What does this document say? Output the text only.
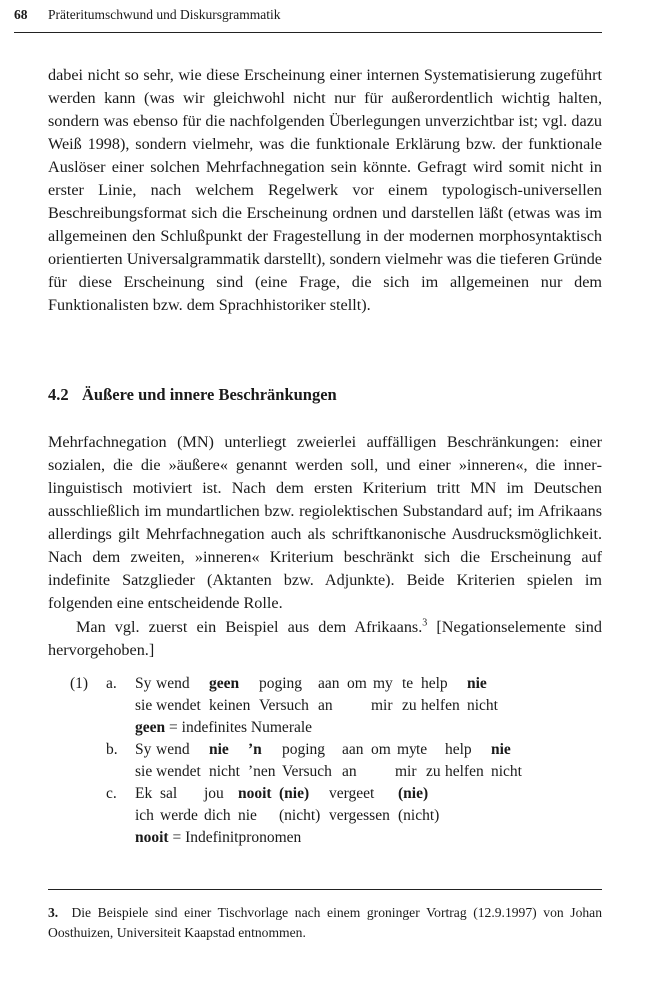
68 Präteritumschwund und Diskursgrammatik

dabei nicht so sehr, wie diese Erscheinung einer internen Systematisierung zugeführt werden kann (was wir gleichwohl nicht nur für außerordentlich wichtig halten, sondern was ebenso für die nachfolgenden Überlegungen unverzichtbar ist; vgl. dazu Weiß 1998), sondern vielmehr, was die funktionale Erklärung bzw. der funktionale Auslöser einer solchen Mehrfachnegation sein könnte. Gefragt wird somit nicht in erster Linie, nach welchem Regelwerk vor einem typologisch-universellen Beschreibungsformat sich die Erscheinung ordnen und darstellen läßt (etwas was im allgemeinen den Schlußpunkt der Fragestellung in der modernen morphosyntaktisch orientierten Universalgrammatik darstellt), sondern vielmehr was die tieferen Gründe für diese Erscheinung sind (eine Frage, die sich im allgemeinen nur dem Funktionalisten bzw. dem Sprachhistoriker stellt).

4.2 Äußere und innere Beschränkungen

Mehrfachnegation (MN) unterliegt zweierlei auffälligen Beschränkungen: einer sozialen, die die »äußere« genannt werden soll, und einer »inneren«, die innerlinguistisch motiviert ist. Nach dem ersten Kriterium tritt MN im Deutschen ausschließlich im mundartlichen bzw. regiolektischen Substandard auf; im Afrikaans allerdings gilt Mehrfachnegation auch als schriftkanonische Ausdrucksmöglichkeit. Nach dem zweiten, »inneren« Kriterium beschränkt sich die Erscheinung auf indefinite Satzglieder (Aktanten bzw. Adjunkte). Beide Kriterien spielen im folgenden eine entscheidende Rolle.

Man vgl. zuerst ein Beispiel aus dem Afrikaans.$^3$ [Negationselemente sind hervorgehoben.]

(1) a. Sy wend geen poging aan om my te help nie
sie wendet keinen Versuch an mir zu helfen nicht
geen = indefinites Numerale
b. Sy wend nie ’n poging aan om my te help nie
sie wendet nicht ’nen Versuch an mir zu helfen nicht
c. Ek sal jou nooit (nie) vergeet (nie)
ich werde dich nie (nicht) vergessen (nicht)
nooit = Indefinitpronomen

3. Die Beispiele sind einer Tischvorlage nach einem groninger Vortrag (12.9.1997) von Johan Oosthuizen, Universiteit Kaapstad entnommen.
